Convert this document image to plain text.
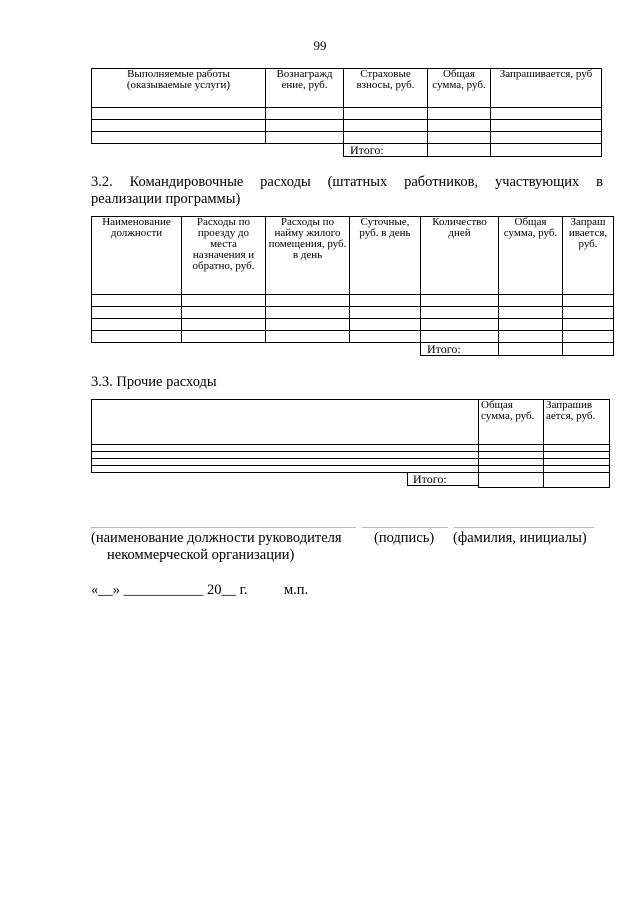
99
Выполняемые работы (оказываемые услуги)	Вознагражд ение, руб.	Страховые взносы, руб.	Общая сумма, руб.	Запрашивается, руб

		Итого:		
3.2. Командировочные расходы (штатных работников, участвующих в
реализации программы)
Наименование должности	Расходы по проезду до места назначения и обратно, руб.	Расходы по найму жилого помещения, руб. в день	Суточные, руб. в день	Количество дней	Общая сумма, руб.	Запраш ивается, руб.

				Итого:		
3.3. Прочие расходы
	Общая сумма, руб.	Запрашив ается, руб.

Итого:		

(наименование должности руководителя (подпись) (фамилия, инициалы)
некоммерческой организации)
«__» ___________ 20__ г.	м.п.
